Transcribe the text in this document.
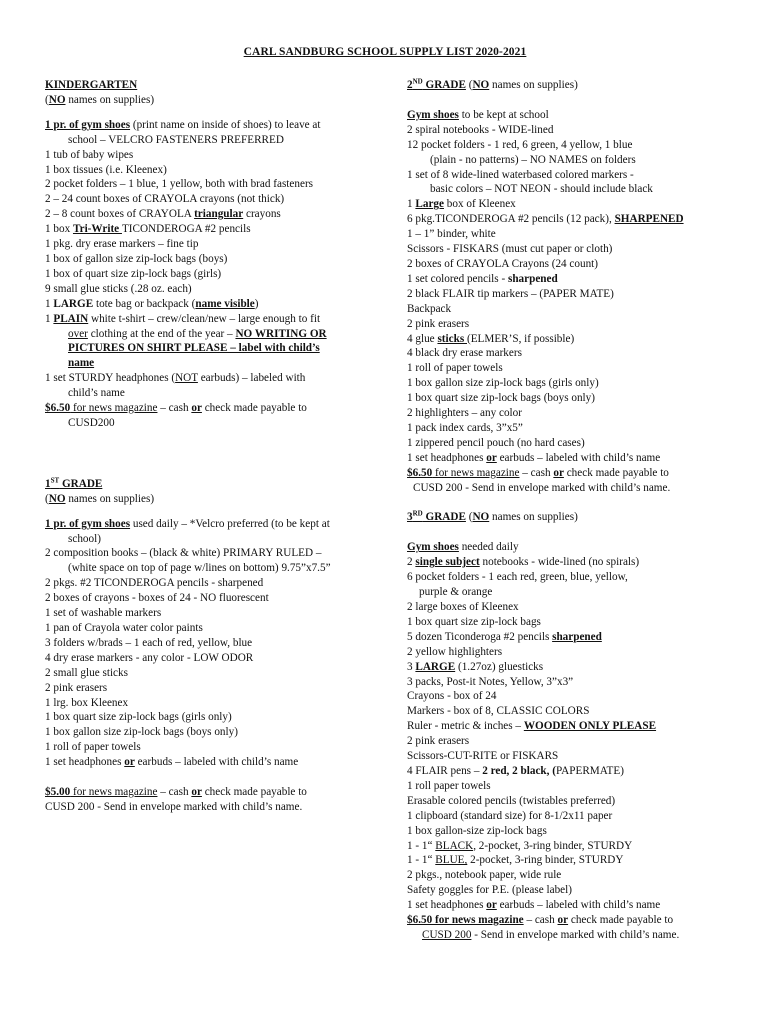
CARL SANDBURG SCHOOL SUPPLY LIST 2020-2021
KINDERGARTEN
(NO names on supplies)
1 pr. of gym shoes (print name on inside of shoes) to leave at
school – VELCRO FASTENERS PREFERRED
1 tub of baby wipes
1 box tissues (i.e. Kleenex)
2 pocket folders – 1 blue, 1 yellow, both with brad fasteners
2 – 24 count boxes of CRAYOLA crayons (not thick)
2 – 8 count boxes of CRAYOLA triangular crayons
1 box Tri-Write TICONDEROGA #2 pencils
1 pkg. dry erase markers – fine tip
1 box of gallon size zip-lock bags (boys)
1 box of quart size zip-lock bags (girls)
9 small glue sticks (.28 oz. each)
1 LARGE tote bag or backpack (name visible)
1 PLAIN white t-shirt – crew/clean/new – large enough to fit
over clothing at the end of the year – NO WRITING OR
PICTURES ON SHIRT PLEASE – label with child’s
name
1 set STURDY headphones (NOT earbuds) – labeled with
child’s name
$6.50 for news magazine – cash or check made payable to
CUSD200
1ST GRADE
(NO names on supplies)
1 pr. of gym shoes used daily – *Velcro preferred (to be kept at
school)
2 composition books – (black & white) PRIMARY RULED –
(white space on top of page w/lines on bottom) 9.75”x7.5”
2 pkgs. #2 TICONDEROGA pencils - sharpened
2 boxes of crayons - boxes of 24 - NO fluorescent
1 set of washable markers
1 pan of Crayola water color paints
3 folders w/brads – 1 each of red, yellow, blue
4 dry erase markers - any color - LOW ODOR
2 small glue sticks
2 pink erasers
1 lrg. box Kleenex
1 box quart size zip-lock bags (girls only)
1 box gallon size zip-lock bags (boys only)
1 roll of paper towels
1 set headphones or earbuds – labeled with child’s name
$5.00 for news magazine – cash or check made payable to
CUSD 200 - Send in envelope marked with child’s name.
2ND GRADE (NO names on supplies)
Gym shoes to be kept at school
2 spiral notebooks - WIDE-lined
12 pocket folders - 1 red, 6 green, 4 yellow, 1 blue
(plain - no patterns) – NO NAMES on folders
1 set of 8 wide-lined waterbased colored markers -
basic colors – NOT NEON - should include black
1 Large box of Kleenex
6 pkg.TICONDEROGA #2 pencils (12 pack), SHARPENED
1 – 1” binder, white
Scissors - FISKARS (must cut paper or cloth)
2 boxes of CRAYOLA Crayons (24 count)
1 set colored pencils - sharpened
2 black FLAIR tip markers – (PAPER MATE)
Backpack
2 pink erasers
4 glue sticks (ELMER’S, if possible)
4 black dry erase markers
1 roll of paper towels
1 box gallon size zip-lock bags (girls only)
1 box quart size zip-lock bags (boys only)
2 highlighters – any color
1 pack index cards, 3”x5”
1 zippered pencil pouch (no hard cases)
1 set headphones or earbuds – labeled with child’s name
$6.50 for news magazine – cash or check made payable to
CUSD 200 - Send in envelope marked with child’s name.
3RD GRADE (NO names on supplies)
Gym shoes needed daily
2 single subject notebooks - wide-lined (no spirals)
6 pocket folders - 1 each red, green, blue, yellow,
purple & orange
2 large boxes of Kleenex
1 box quart size zip-lock bags
5 dozen Ticonderoga #2 pencils sharpened
2 yellow highlighters
3 LARGE (1.27oz) gluesticks
3 packs, Post-it Notes, Yellow, 3”x3”
Crayons - box of 24
Markers - box of 8, CLASSIC COLORS
Ruler - metric & inches – WOODEN ONLY PLEASE
2 pink erasers
Scissors-CUT-RITE or FISKARS
4 FLAIR pens – 2 red, 2 black, (PAPERMATE)
1 roll paper towels
Erasable colored pencils (twistables preferred)
1 clipboard (standard size) for 8-1/2x11 paper
1 box gallon-size zip-lock bags
1 - 1“ BLACK, 2-pocket, 3-ring binder, STURDY
1 - 1“ BLUE, 2-pocket, 3-ring binder, STURDY
2 pkgs., notebook paper, wide rule
Safety goggles for P.E. (please label)
1 set headphones or earbuds – labeled with child’s name
$6.50 for news magazine – cash or check made payable to
CUSD 200 - Send in envelope marked with child’s name.
